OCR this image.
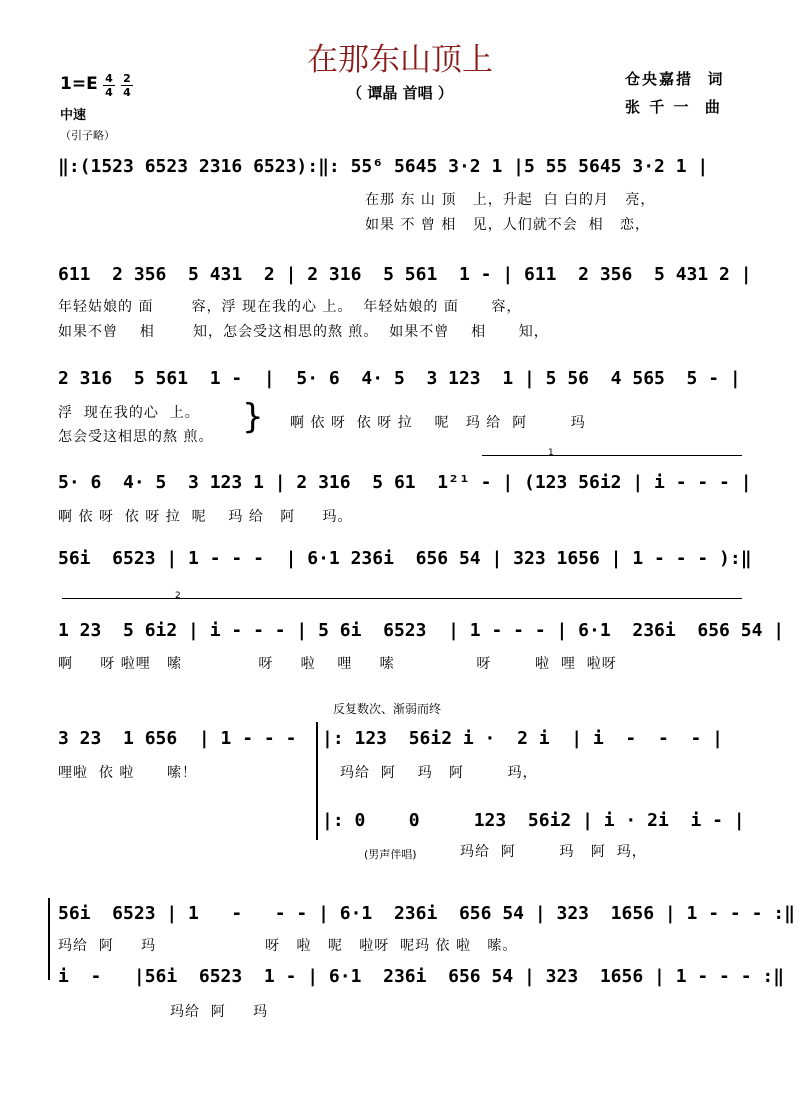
在那东山顶上
（ 谭晶 首唱 ）
仓央嘉措  词
张 千 一  曲
1=E 4
4
2
4
中速
（引子略）
‖:(1523 6523 2316 6523):‖: 55⁶ 5645 3·2 1 |5 55 5645 3·2 1 |
在那 东 山 顶   上，升起  白 白的月   亮，
如果 不 曾 相   见，人们就不会  相   恋，
611  2 356  5 431  2 | 2 316  5 561  1 - | 611  2 356  5 431 2 |
年轻姑娘的 面       容，浮 现在我的心 上。  年轻姑娘的 面      容，
如果不曾    相       知，怎会受这相思的熬 煎。  如果不曾    相      知，
2 316  5 561  1 -  |  5· 6  4· 5  3 123  1 | 5 56  4 565  5 - |
浮  现在我的心  上。
怎会受这相思的熬 煎。 } 啊 依 呀  依 呀 拉    呢   玛 给  阿        玛
1
5· 6  4· 5  3 123 1 | 2 316  5 61  1²¹ - | (123 56i2 | i - - - |
啊 依 呀  依 呀 拉  呢    玛 给   阿     玛。
56i  6523 | 1 - - -  | 6·1 236i  656 54 | 323 1656 | 1 - - - ):‖
2
1 23  5 6i2 | i - - - | 5 6i  6523  | 1 - - - | 6·1  236i  656 54 |
啊     呀 啦哩   嗦              呀     啦    哩     嗦               呀        啦  哩  啦呀
反复数次、渐弱而终
3 23  1 656  | 1 - - -
哩啦  依 啦      嗦！
|: 123  56i2 i ·  2 i  | i  -  -  - |
玛给  阿    玛   阿        玛，
|: 0    0     123  56i2 | i · 2i  i - |
(男声伴唱)	玛给  阿        玛   阿  玛，
56i  6523 | 1   -   - - | 6·1  236i  656 54 | 323  1656 | 1 - - - :‖
玛给  阿     玛                    呀   啦   呢   啦呀  呢玛 依 啦   嗦。
i  -   |56i  6523  1 - | 6·1  236i  656 54 | 323  1656 | 1 - - - :‖
玛给  阿     玛
